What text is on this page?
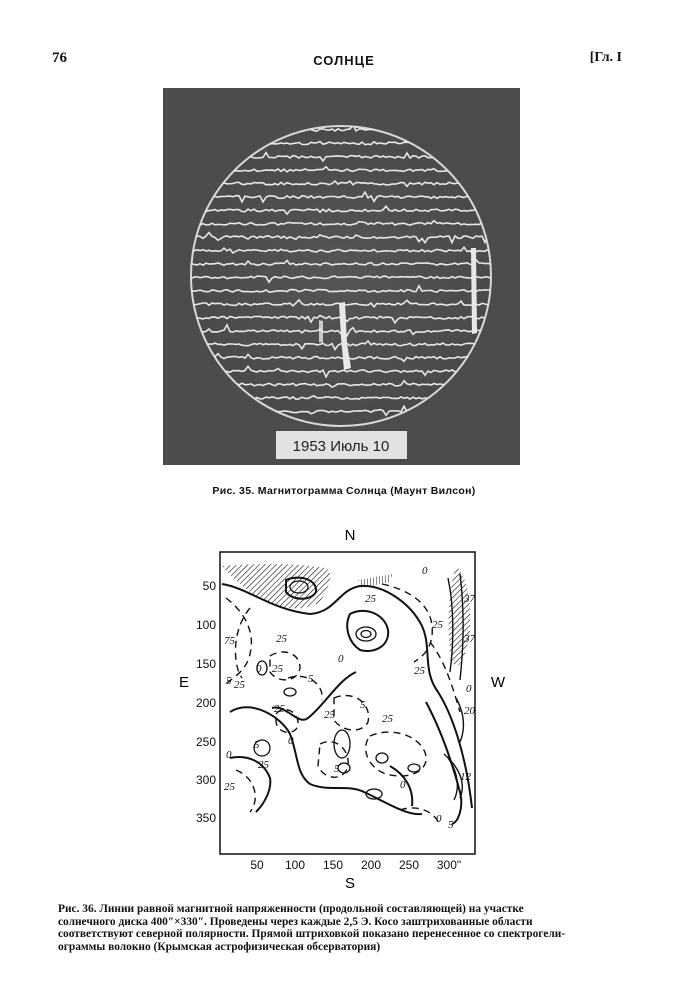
76	СОЛНЦЕ	[Гл. I
1953 Июль 10
Рис. 35. Магнитограмма Солнца (Маунт Вилсон)
N
S
E	W
0
25
75
5 25
25
0 25
5
0
5
25
5
25
0
25
25
0
5
0
25
0
5
37
37
0
20
12
25
25
50
100
150
200
250
300
350
50 100 150 200 250 300"
Рис. 36. Линии равной магнитной напряженности (продольной составляющей) на участке
солнечного диска 400″×330″. Проведены через каждые 2,5 Э. Косо заштрихованные области
соответствуют северной полярности. Прямой штриховкой показано перенесенное со спектрогели-
ограммы волокно (Крымская астрофизическая обсерватория)
